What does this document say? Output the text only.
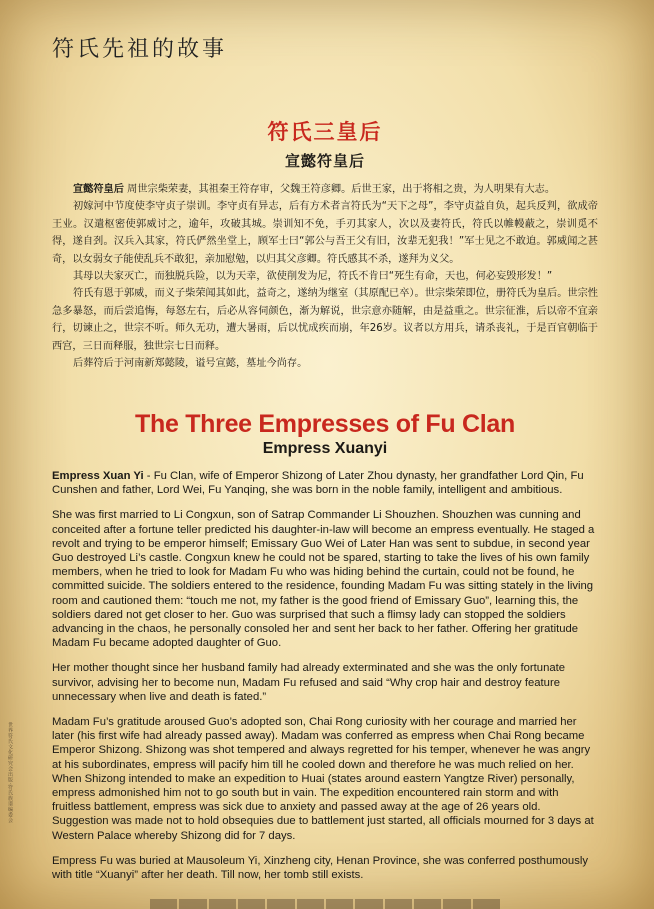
符氏先祖的故事
符氏三皇后
宣懿符皇后

宣懿符皇后 周世宗柴荣妻，其祖秦王符存审，父魏王符彦卿。后世王家，出于将相之贵，为人明果有大志。

初嫁河中节度使李守贞子崇训。李守贞有异志，后有方术者言符氏为“天下之母”，李守贞益自负，起兵反判，欲成帝王业。汉遣枢密使郭威讨之，逾年，攻破其城。崇训知不免，手刃其家人，次以及妻符氏，符氏以帷幔蔽之，崇训觅不得，遂自刭。汉兵入其家，符氏俨然坐堂上，顾军士曰“郭公与吾王父有旧，汝辈无犯我！”军士见之不敢迫。郭威闻之甚奇，以女弱女子能使乱兵不敢犯，亲加慰勉，以归其父彦卿。符氏感其不杀，遂拜为义父。

其母以夫家灭亡，而独脱兵险，以为天幸，欲使削发为尼，符氏不肯曰“死生有命，天也，何必妄毁形发！”

符氏有恩于郭威，而义子柴荣闻其如此，益奇之，遂纳为继室（其原配已卒）。世宗柴荣即位，册符氏为皇后。世宗性急多暴怒，而后尝追悔，每怒左右，后必从容伺颜色，渐为解说，世宗意亦随解，由是益重之。世宗征淮，后以帝不宜亲行，切谏止之，世宗不听。师久无功，遭大暑雨，后以忧成疾而崩，年26岁。议者以方用兵，请杀丧礼，于是百官朝临于西宫，三日而释服，独世宗七日而释。

后葬符后于河南新郑懿陵，谥号宣懿，墓址今尚存。

The Three Empresses of Fu Clan
Empress Xuanyi

Empress Xuan Yi - Fu Clan, wife of Emperor Shizong of Later Zhou dynasty, her grandfather Lord Qin, Fu Cunshen and father, Lord Wei, Fu Yanqing, she was born in the noble family, intelligent and ambitious.

She was first married to Li Congxun, son of Satrap Commander Li Shouzhen. Shouzhen was cunning and conceited after a fortune teller predicted his daughter-in-law will become an empress eventually. He staged a revolt and trying to be emperor himself; Emissary Guo Wei of Later Han was sent to subdue, in second year Guo destroyed Li’s castle. Congxun knew he could not be spared, starting to take the lives of his own family members, when he tried to look for Madam Fu who was hiding behind the curtain, could not be found, he committed suicide. The soldiers entered to the residence, founding Madam Fu was sitting stately in the living room and cautioned them: “touch me not, my father is the good friend of Emissary Guo”, learning this, the soldiers dared not get closer to her. Guo was surprised that such a flimsy lady can stopped the soldiers advancing in the chaos, he personally consoled her and sent her back to her father. Offering her gratitude Madam Fu became adopted daughter of Guo.

Her mother thought since her husband family had already exterminated and she was the only fortunate survivor, advising her to become nun, Madam Fu refused and said “Why crop hair and destroy feature unnecessary when live and death is fated.”

Madam Fu’s gratitude aroused Guo’s adopted son, Chai Rong curiosity with her courage and married her later (his first wife had already passed away). Madam was conferred as empress when Chai Rong became Emperor Shizong. Shizong was shot tempered and always regretted for his temper, whenever he was angry at his subordinates, empress will pacify him till he cooled down and therefore he was much relied on her. When Shizong intended to make an expedition to Huai (states around eastern Yangtze River) personally, empress admonished him not to go south but in vain. The expedition encountered rain storm and with fruitless battlement, empress was sick due to anxiety and passed away at the age of 26 years old. Suggestion was made not to hold obsequies due to battlement just started, all officials mourned for 3 days at Western Palace whereby Shizong did for 7 days.

Empress Fu was buried at Mausoleum Yi, Xinzheng city, Henan Province, she was conferred posthumously with title “Xuanyi” after her death. Till now, her tomb still exists.

世界符氏文化研究会出版·符氏族谱编委会
